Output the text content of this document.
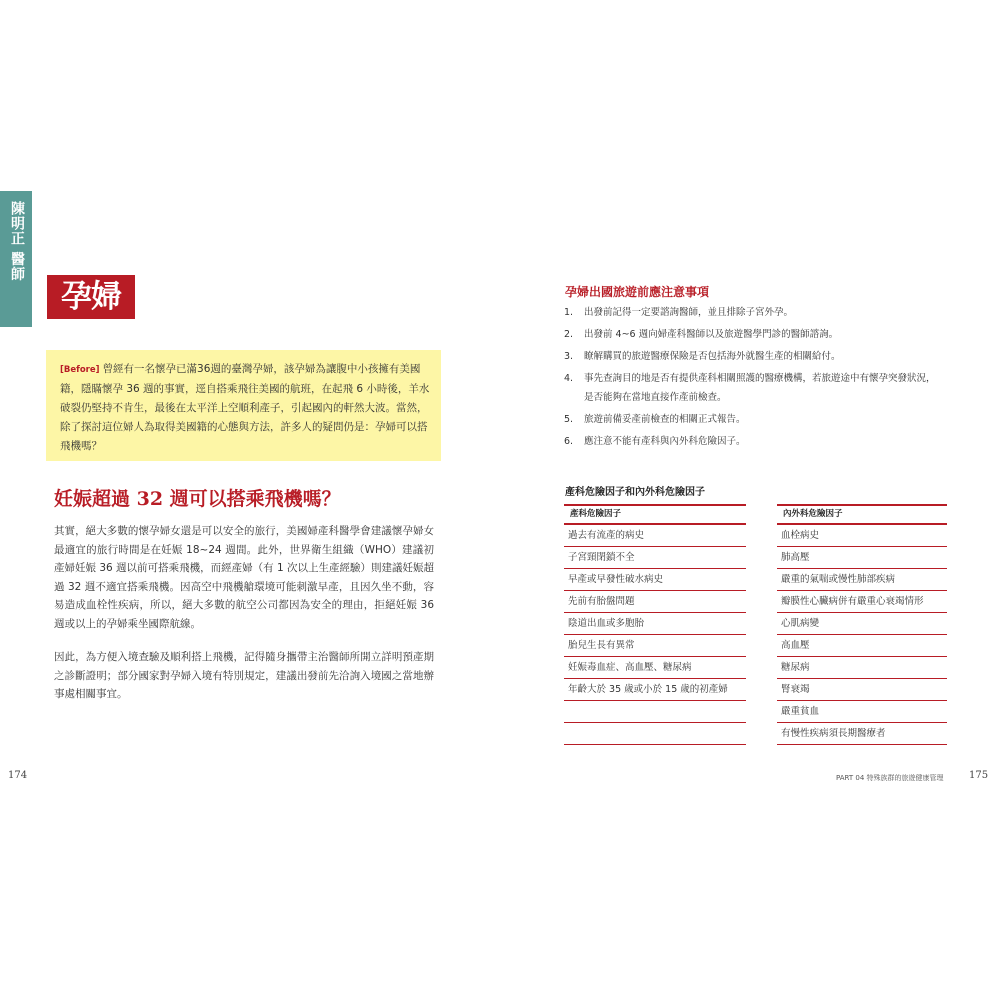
陳明正 醫師
孕婦
[Before] 曾經有一名懷孕已滿36週的臺灣孕婦，該孕婦為讓腹中小孩擁有美國籍，隱瞞懷孕 36 週的事實，逕自搭乘飛往美國的航班，在起飛 6 小時後，羊水破裂仍堅持不肯生，最後在太平洋上空順利產子，引起國內的軒然大波。當然，除了探討這位婦人為取得美國籍的心態與方法，許多人的疑問仍是：孕婦可以搭飛機嗎？
妊娠超過 32 週可以搭乘飛機嗎？

其實，絕大多數的懷孕婦女還是可以安全的旅行，美國婦產科醫學會建議懷孕婦女最適宜的旅行時間是在妊娠 18~24 週間。此外，世界衛生組織（WHO）建議初產婦妊娠 36 週以前可搭乘飛機，而經產婦（有 1 次以上生產經驗）則建議妊娠超過 32 週不適宜搭乘飛機。因高空中飛機艙環境可能刺激早產，且因久坐不動，容易造成血栓性疾病，所以，絕大多數的航空公司都因為安全的理由，拒絕妊娠 36 週或以上的孕婦乘坐國際航線。

因此，為方便入境查驗及順利搭上飛機，記得隨身攜帶主治醫師所開立詳明預產期之診斷證明；部分國家對孕婦入境有特別規定，建議出發前先洽詢入境國之當地辦事處相關事宜。

174
孕婦出國旅遊前應注意事項
1.	出發前記得一定要諮詢醫師，並且排除子宮外孕。
2.	出發前 4~6 週向婦產科醫師以及旅遊醫學門診的醫師諮詢。
3.	瞭解購買的旅遊醫療保險是否包括海外就醫生產的相關給付。
4.	事先查詢目的地是否有提供產科相關照護的醫療機構，若旅遊途中有懷孕突發狀況，是否能夠在當地直接作產前檢查。
5.	旅遊前備妥產前檢查的相關正式報告。
6.	應注意不能有產科與內外科危險因子。
產科危險因子和內外科危險因子
產科危險因子
過去有流產的病史
子宮頸閉鎖不全
早產或早發性破水病史
先前有胎盤問題
陰道出血或多胞胎
胎兒生長有異常
妊娠毒血症、高血壓、糖尿病
年齡大於 35 歲或小於 15 歲的初產婦
內外科危險因子
血栓病史
肺高壓
嚴重的氣喘或慢性肺部疾病
瓣膜性心臟病併有嚴重心衰竭情形
心肌病變
高血壓
糖尿病
腎衰竭
嚴重貧血
有慢性疾病須長期醫療者
PART 04 特殊族群的旅遊健康管理	175
